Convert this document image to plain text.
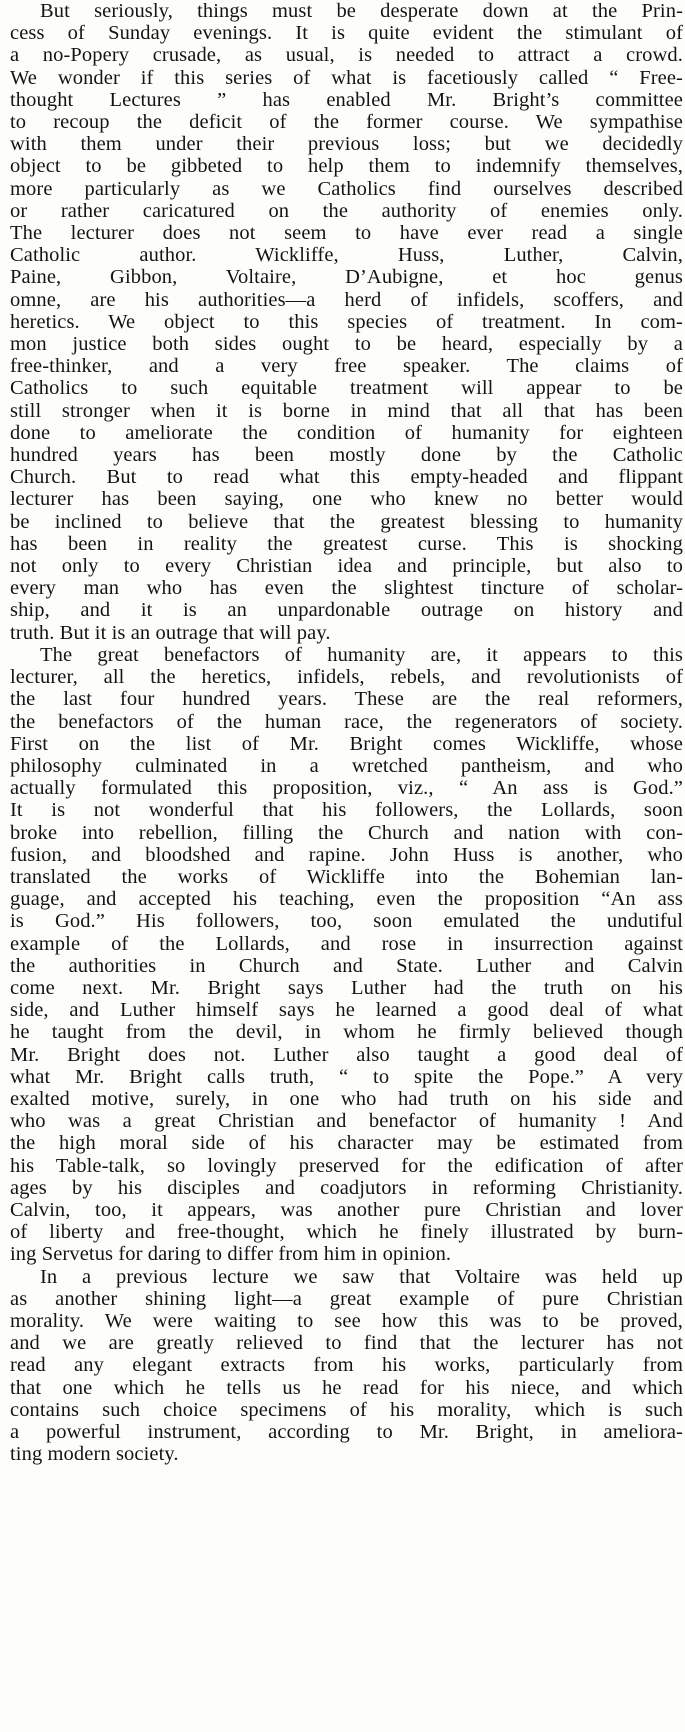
But seriously, things must be desperate down at the Prin-
cess of Sunday evenings. It is quite evident the stimulant of
a no-Popery crusade, as usual, is needed to attract a crowd.
We wonder if this series of what is facetiously called “ Free-
thought Lectures ” has enabled Mr. Bright’s committee
to recoup the deficit of the former course. We sympathise
with them under their previous loss; but we decidedly
object to be gibbeted to help them to indemnify themselves,
more particularly as we Catholics find ourselves described
or rather caricatured on the authority of enemies only.
The lecturer does not seem to have ever read a single
Catholic author. Wickliffe, Huss, Luther, Calvin,
Paine, Gibbon, Voltaire, D’Aubigne, et hoc genus
omne, are his authorities—a herd of infidels, scoffers, and
heretics. We object to this species of treatment. In com-
mon justice both sides ought to be heard, especially by a
free-thinker, and a very free speaker. The claims of
Catholics to such equitable treatment will appear to be
still stronger when it is borne in mind that all that has been
done to ameliorate the condition of humanity for eighteen
hundred years has been mostly done by the Catholic
Church. But to read what this empty-headed and flippant
lecturer has been saying, one who knew no better would
be inclined to believe that the greatest blessing to humanity
has been in reality the greatest curse. This is shocking
not only to every Christian idea and principle, but also to
every man who has even the slightest tincture of scholar-
ship, and it is an unpardonable outrage on history and
truth. But it is an outrage that will pay.

The great benefactors of humanity are, it appears to this
lecturer, all the heretics, infidels, rebels, and revolutionists of
the last four hundred years. These are the real reformers,
the benefactors of the human race, the regenerators of society.
First on the list of Mr. Bright comes Wickliffe, whose
philosophy culminated in a wretched pantheism, and who
actually formulated this proposition, viz., “ An ass is God.”
It is not wonderful that his followers, the Lollards, soon
broke into rebellion, filling the Church and nation with con-
fusion, and bloodshed and rapine. John Huss is another, who
translated the works of Wickliffe into the Bohemian lan-
guage, and accepted his teaching, even the proposition “An ass
is God.” His followers, too, soon emulated the undutiful
example of the Lollards, and rose in insurrection against
the authorities in Church and State. Luther and Calvin
come next. Mr. Bright says Luther had the truth on his
side, and Luther himself says he learned a good deal of what
he taught from the devil, in whom he firmly believed though
Mr. Bright does not. Luther also taught a good deal of
what Mr. Bright calls truth, “ to spite the Pope.” A very
exalted motive, surely, in one who had truth on his side and
who was a great Christian and benefactor of humanity ! And
the high moral side of his character may be estimated from
his Table-talk, so lovingly preserved for the edification of after
ages by his disciples and coadjutors in reforming Christianity.
Calvin, too, it appears, was another pure Christian and lover
of liberty and free-thought, which he finely illustrated by burn-
ing Servetus for daring to differ from him in opinion.

In a previous lecture we saw that Voltaire was held up
as another shining light—a great example of pure Christian
morality. We were waiting to see how this was to be proved,
and we are greatly relieved to find that the lecturer has not
read any elegant extracts from his works, particularly from
that one which he tells us he read for his niece, and which
contains such choice specimens of his morality, which is such
a powerful instrument, according to Mr. Bright, in ameliora-
ting modern society.
